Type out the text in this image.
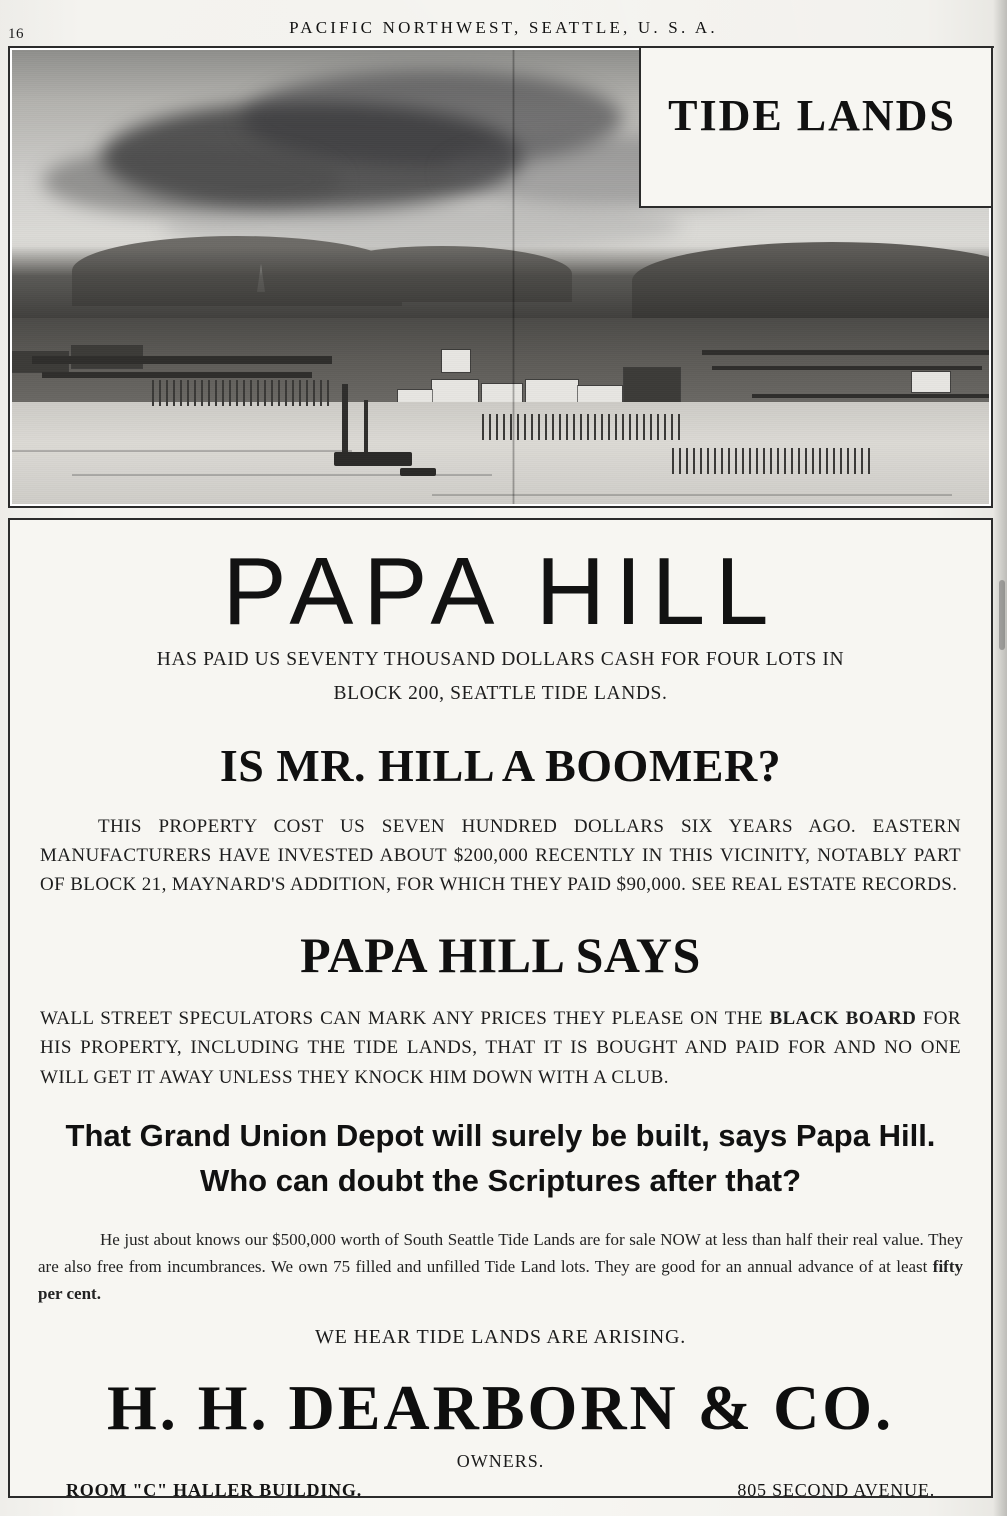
16	PACIFIC NORTHWEST, SEATTLE, U. S. A.
TIDE LANDS
PAPA HILL
HAS PAID US SEVENTY THOUSAND DOLLARS CASH FOR FOUR LOTS IN
BLOCK 200, SEATTLE TIDE LANDS.
IS MR. HILL A BOOMER?
THIS PROPERTY COST US SEVEN HUNDRED DOLLARS SIX YEARS AGO. EASTERN MANUFACTURERS HAVE INVESTED ABOUT $200,000 RECENTLY IN THIS VICINITY, NOTABLY PART OF BLOCK 21, MAYNARD'S ADDITION, FOR WHICH THEY PAID $90,000. SEE REAL ESTATE RECORDS.
PAPA HILL SAYS
WALL STREET SPECULATORS CAN MARK ANY PRICES THEY PLEASE ON THE BLACK BOARD FOR HIS PROPERTY, INCLUDING THE TIDE LANDS, THAT IT IS BOUGHT AND PAID FOR AND NO ONE WILL GET IT AWAY UNLESS THEY KNOCK HIM DOWN WITH A CLUB.
That Grand Union Depot will surely be built, says Papa Hill. Who can doubt the Scriptures after that?
He just about knows our $500,000 worth of South Seattle Tide Lands are for sale NOW at less than half their real value. They are also free from incumbrances. We own 75 filled and unfilled Tide Land lots. They are good for an annual advance of at least fifty per cent.
WE HEAR TIDE LANDS ARE ARISING.
H. H. DEARBORN & CO.
OWNERS.
ROOM "C" HALLER BUILDING.	805 SECOND AVENUE.
